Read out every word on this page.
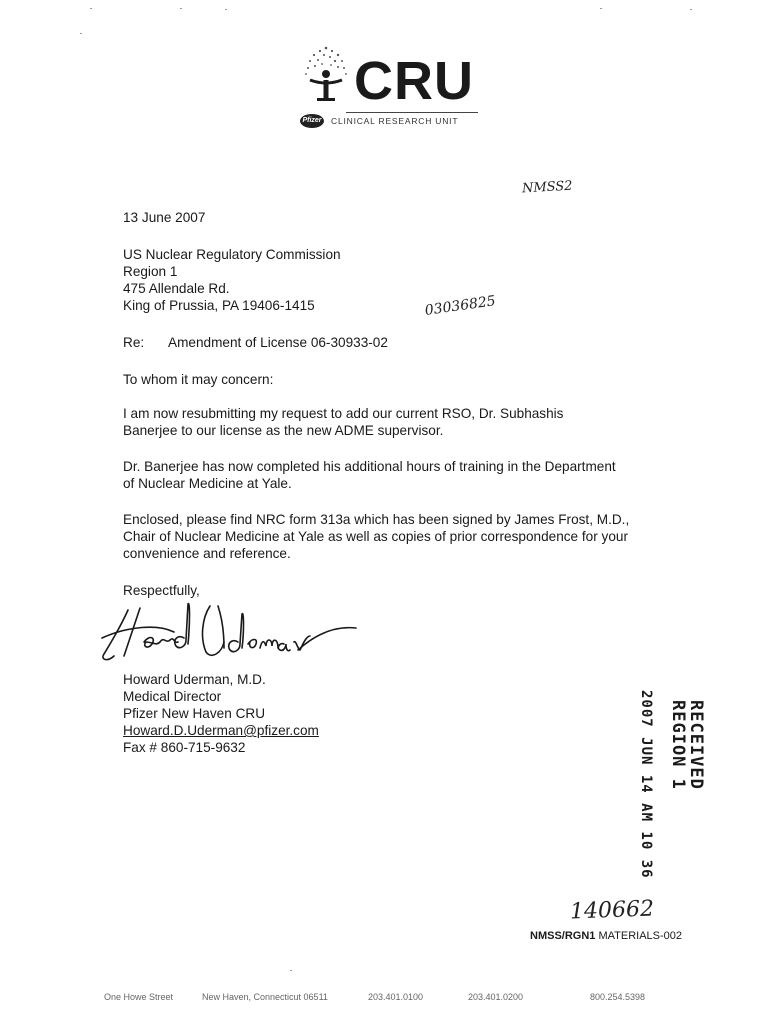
CRU
Pfizer CLINICAL RESEARCH UNIT
NMSS2
03036825
13 June 2007
US Nuclear Regulatory Commission
Region 1
475 Allendale Rd.
King of Prussia, PA 19406-1415
Re: Amendment of License 06-30933-02
To whom it may concern:
I am now resubmitting my request to add our current RSO, Dr. Subhashis Banerjee to our license as the new ADME supervisor.
Dr. Banerjee has now completed his additional hours of training in the Department of Nuclear Medicine at Yale.
Enclosed, please find NRC form 313a which has been signed by James Frost, M.D., Chair of Nuclear Medicine at Yale as well as copies of prior correspondence for your convenience and reference.
Respectfully,
Howard Uderman, M.D.
Medical Director
Pfizer New Haven CRU
Howard.D.Uderman@pfizer.com
Fax # 860-715-9632	RECEIVED
REGION 1
2007 JUN 14 AM 10 36
140662
NMSS/RGN1 MATERIALS-002
One Howe Street	New Haven, Connecticut 06511	203.401.0100	203.401.0200	800.254.5398
